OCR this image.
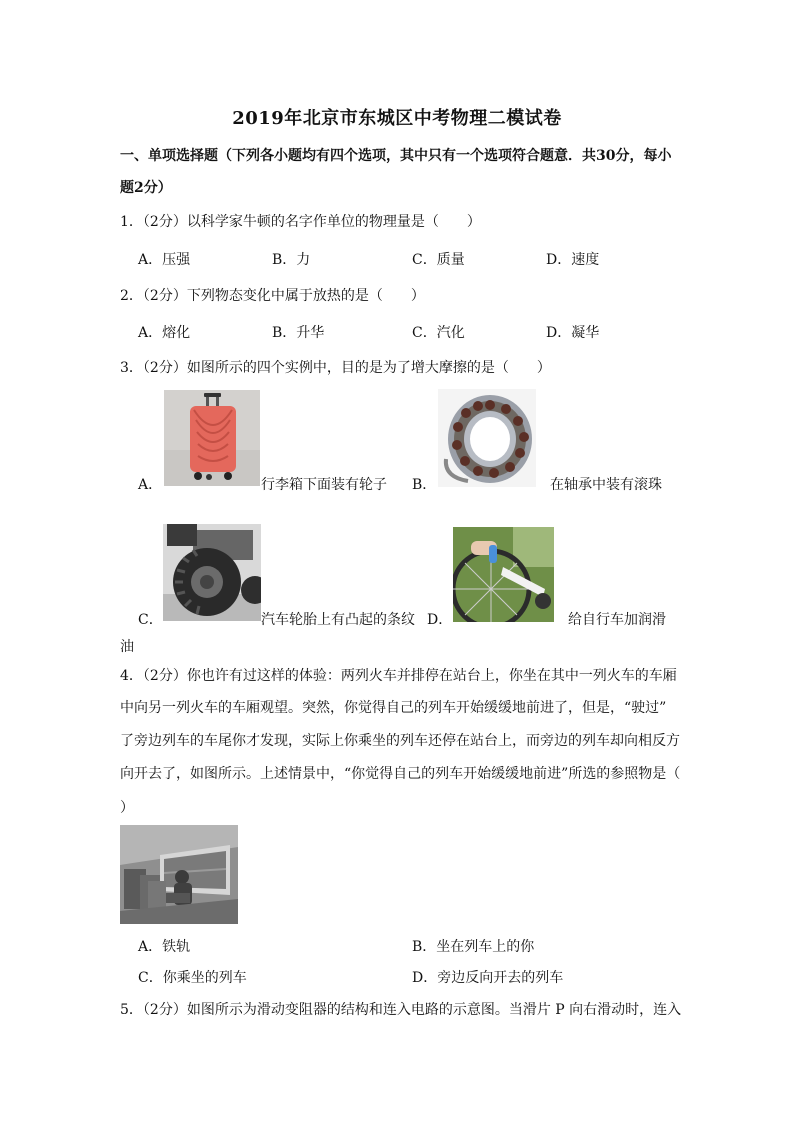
2019年北京市东城区中考物理二模试卷
一、单项选择题（下列各小题均有四个选项，其中只有一个选项符合题意．共30分，每小
题2分）
1．（2分）以科学家牛顿的名字作单位的物理量是（　　）
A．压强	B．力	C．质量	D．速度
2．（2分）下列物态变化中属于放热的是（　　）
A．熔化	B．升华	C．汽化	D．凝华
3．（2分）如图所示的四个实例中，目的是为了增大摩擦的是（　　）
A．	行李箱下面装有轮子 B．	在轴承中装有滚珠
C．	汽车轮胎上有凸起的条纹 D．	给自行车加润滑
油
4．（2分）你也许有过这样的体验：两列火车并排停在站台上，你坐在其中一列火车的车厢
中向另一列火车的车厢观望。突然，你觉得自己的列车开始缓缓地前进了，但是，“驶过”
了旁边列车的车尾你才发现，实际上你乘坐的列车还停在站台上，而旁边的列车却向相反方
向开去了，如图所示。上述情景中，“你觉得自己的列车开始缓缓地前进”所选的参照物是（
）
A．铁轨	B．坐在列车上的你
C．你乘坐的列车	D．旁边反向开去的列车
5．（2分）如图所示为滑动变阻器的结构和连入电路的示意图。当滑片 P 向右滑动时，连入
